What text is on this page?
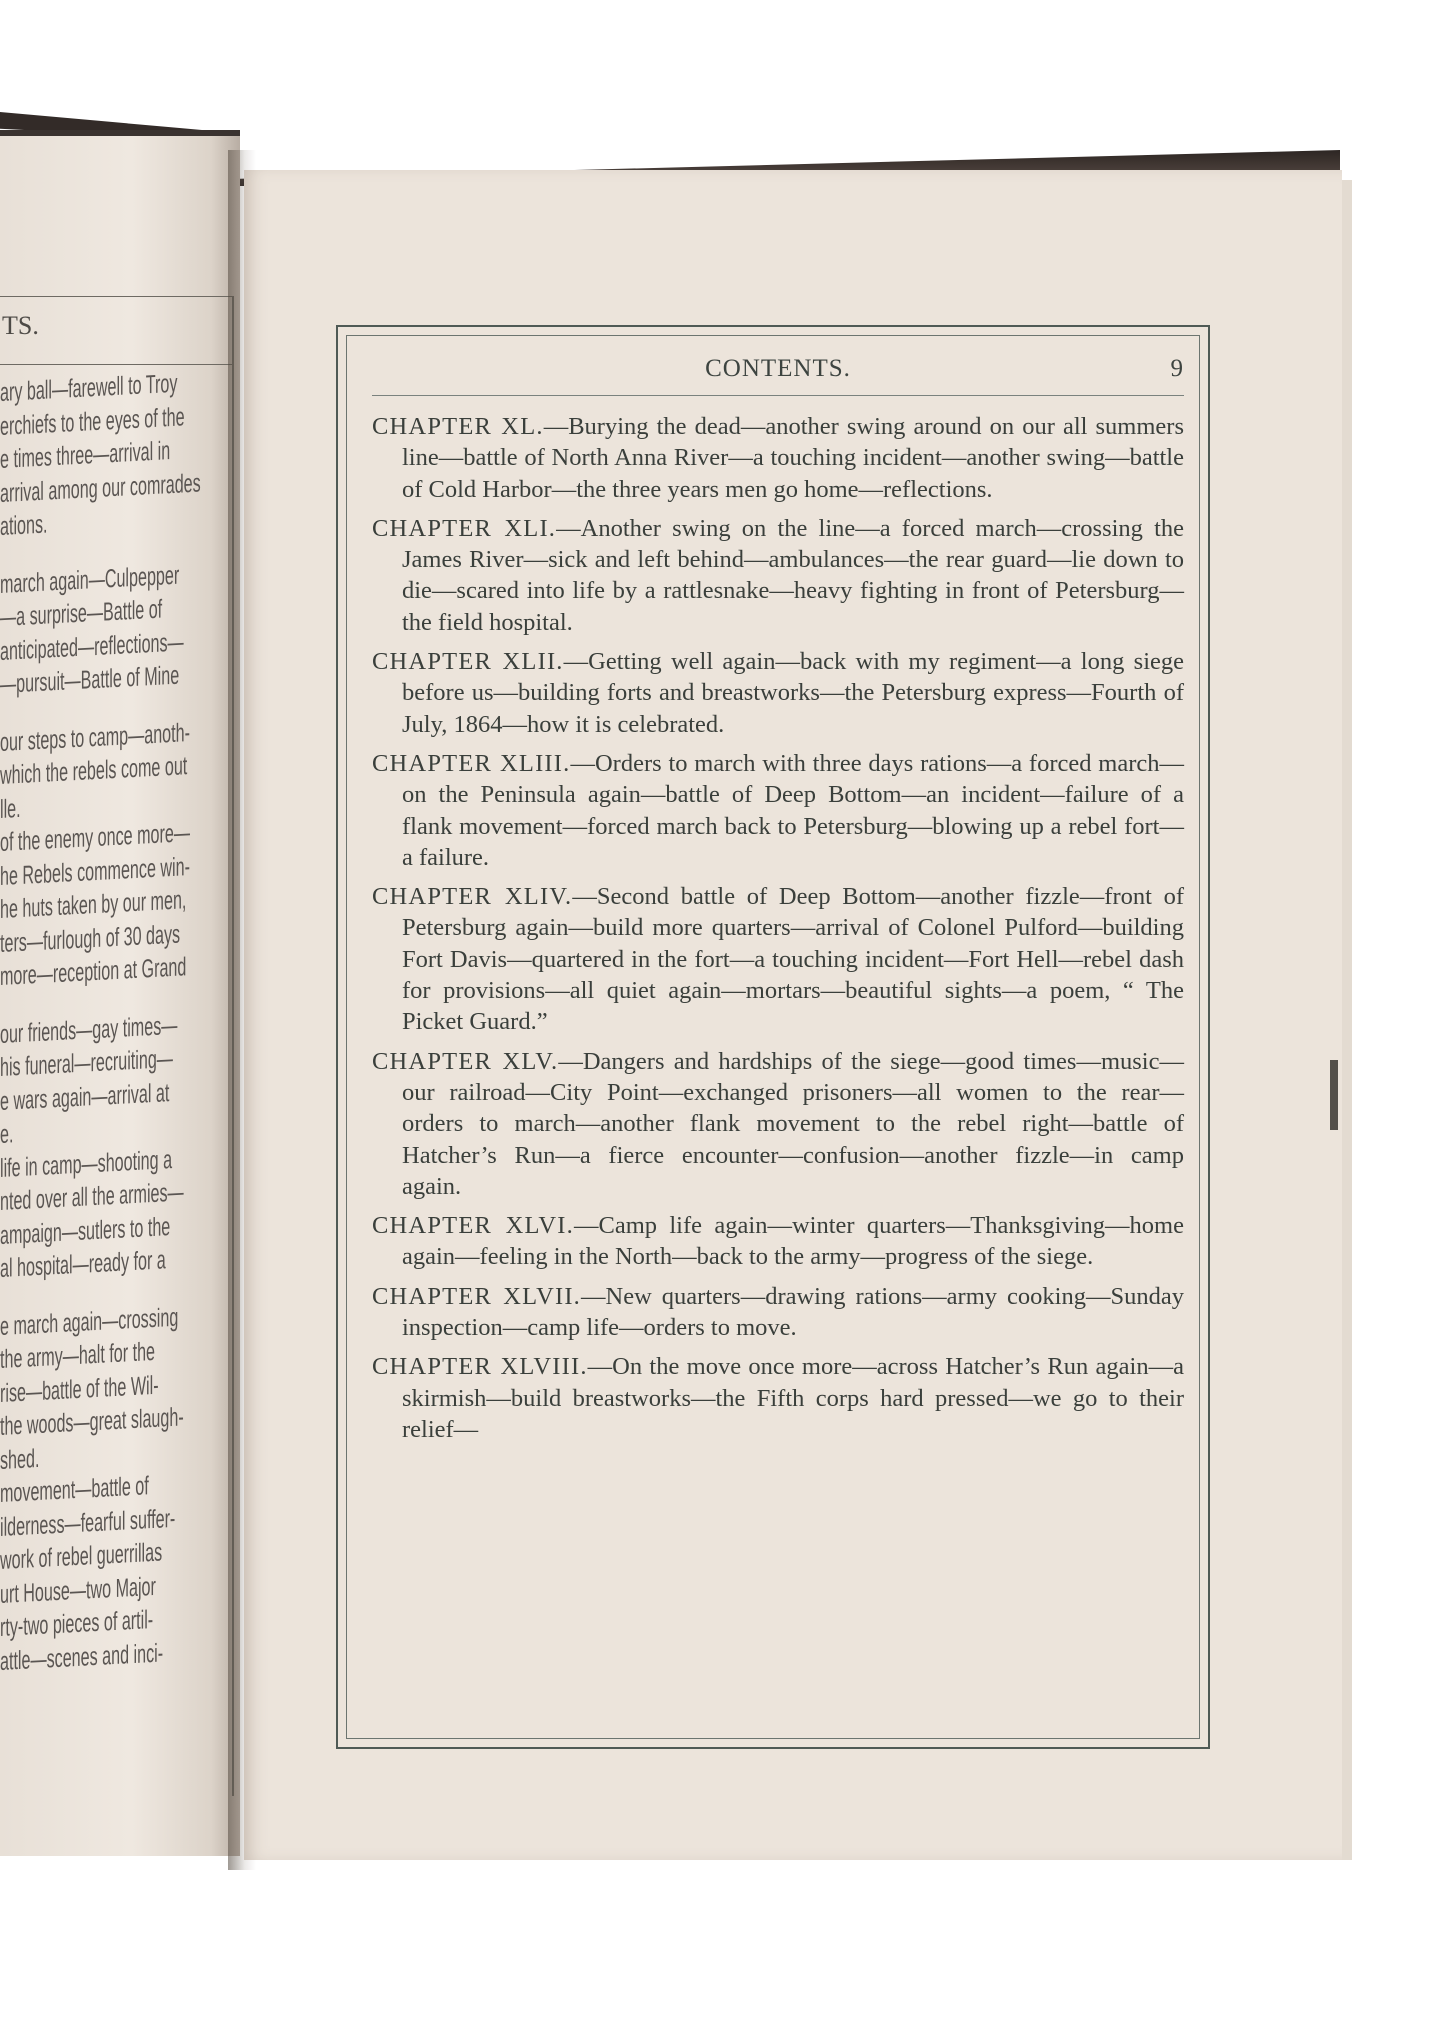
TS.
ary ball—farewell to Troy
erchiefs to the eyes of the
e times three—arrival in
arrival among our comrades
ations.
march again—Culpepper
—a surprise—Battle of
anticipated—reflections—
—pursuit—Battle of Mine
our steps to camp—anoth-
which the rebels come out
lle.
of the enemy once more—
he Rebels commence win-
he huts taken by our men,
ters—furlough of 30 days
more—reception at Grand
our friends—gay times—
his funeral—recruiting—
e wars again—arrival at
e.
life in camp—shooting a
nted over all the armies—
ampaign—sutlers to the
al hospital—ready for a
e march again—crossing
the army—halt for the
rise—battle of the Wil-
the woods—great slaugh-
shed.
movement—battle of
ilderness—fearful suffer-
work of rebel guerrillas
urt House—two Major
rty-two pieces of artil-
attle—scenes and inci-
CONTENTS.	9
CHAPTER XL.—Burying the dead—another swing around on our all summers line—battle of North Anna River—a touching incident—another swing—battle of Cold Harbor—the three years men go home—reflections.
CHAPTER XLI.—Another swing on the line—a forced march—crossing the James River—sick and left behind—ambulances—the rear guard—lie down to die—scared into life by a rattlesnake—heavy fighting in front of Petersburg—the field hospital.
CHAPTER XLII.—Getting well again—back with my regiment—a long siege before us—building forts and breastworks—the Petersburg express—Fourth of July, 1864—how it is celebrated.
CHAPTER XLIII.—Orders to march with three days rations—a forced march—on the Peninsula again—battle of Deep Bottom—an incident—failure of a flank movement—forced march back to Petersburg—blowing up a rebel fort—a failure.
CHAPTER XLIV.—Second battle of Deep Bottom—another fizzle—front of Petersburg again—build more quarters—arrival of Colonel Pulford—building Fort Davis—quartered in the fort—a touching incident—Fort Hell—rebel dash for provisions—all quiet again—mortars—beautiful sights—a poem, “ The Picket Guard.”
CHAPTER XLV.—Dangers and hardships of the siege—good times—music—our railroad—City Point—exchanged prisoners—all women to the rear—orders to march—another flank movement to the rebel right—battle of Hatcher’s Run—a fierce encounter—confusion—another fizzle—in camp again.
CHAPTER XLVI.—Camp life again—winter quarters—Thanksgiving—home again—feeling in the North—back to the army—progress of the siege.
CHAPTER XLVII.—New quarters—drawing rations—army cooking—Sunday inspection—camp life—orders to move.
CHAPTER XLVIII.—On the move once more—across Hatcher’s Run again—a skirmish—build breastworks—the Fifth corps hard pressed—we go to their relief—
